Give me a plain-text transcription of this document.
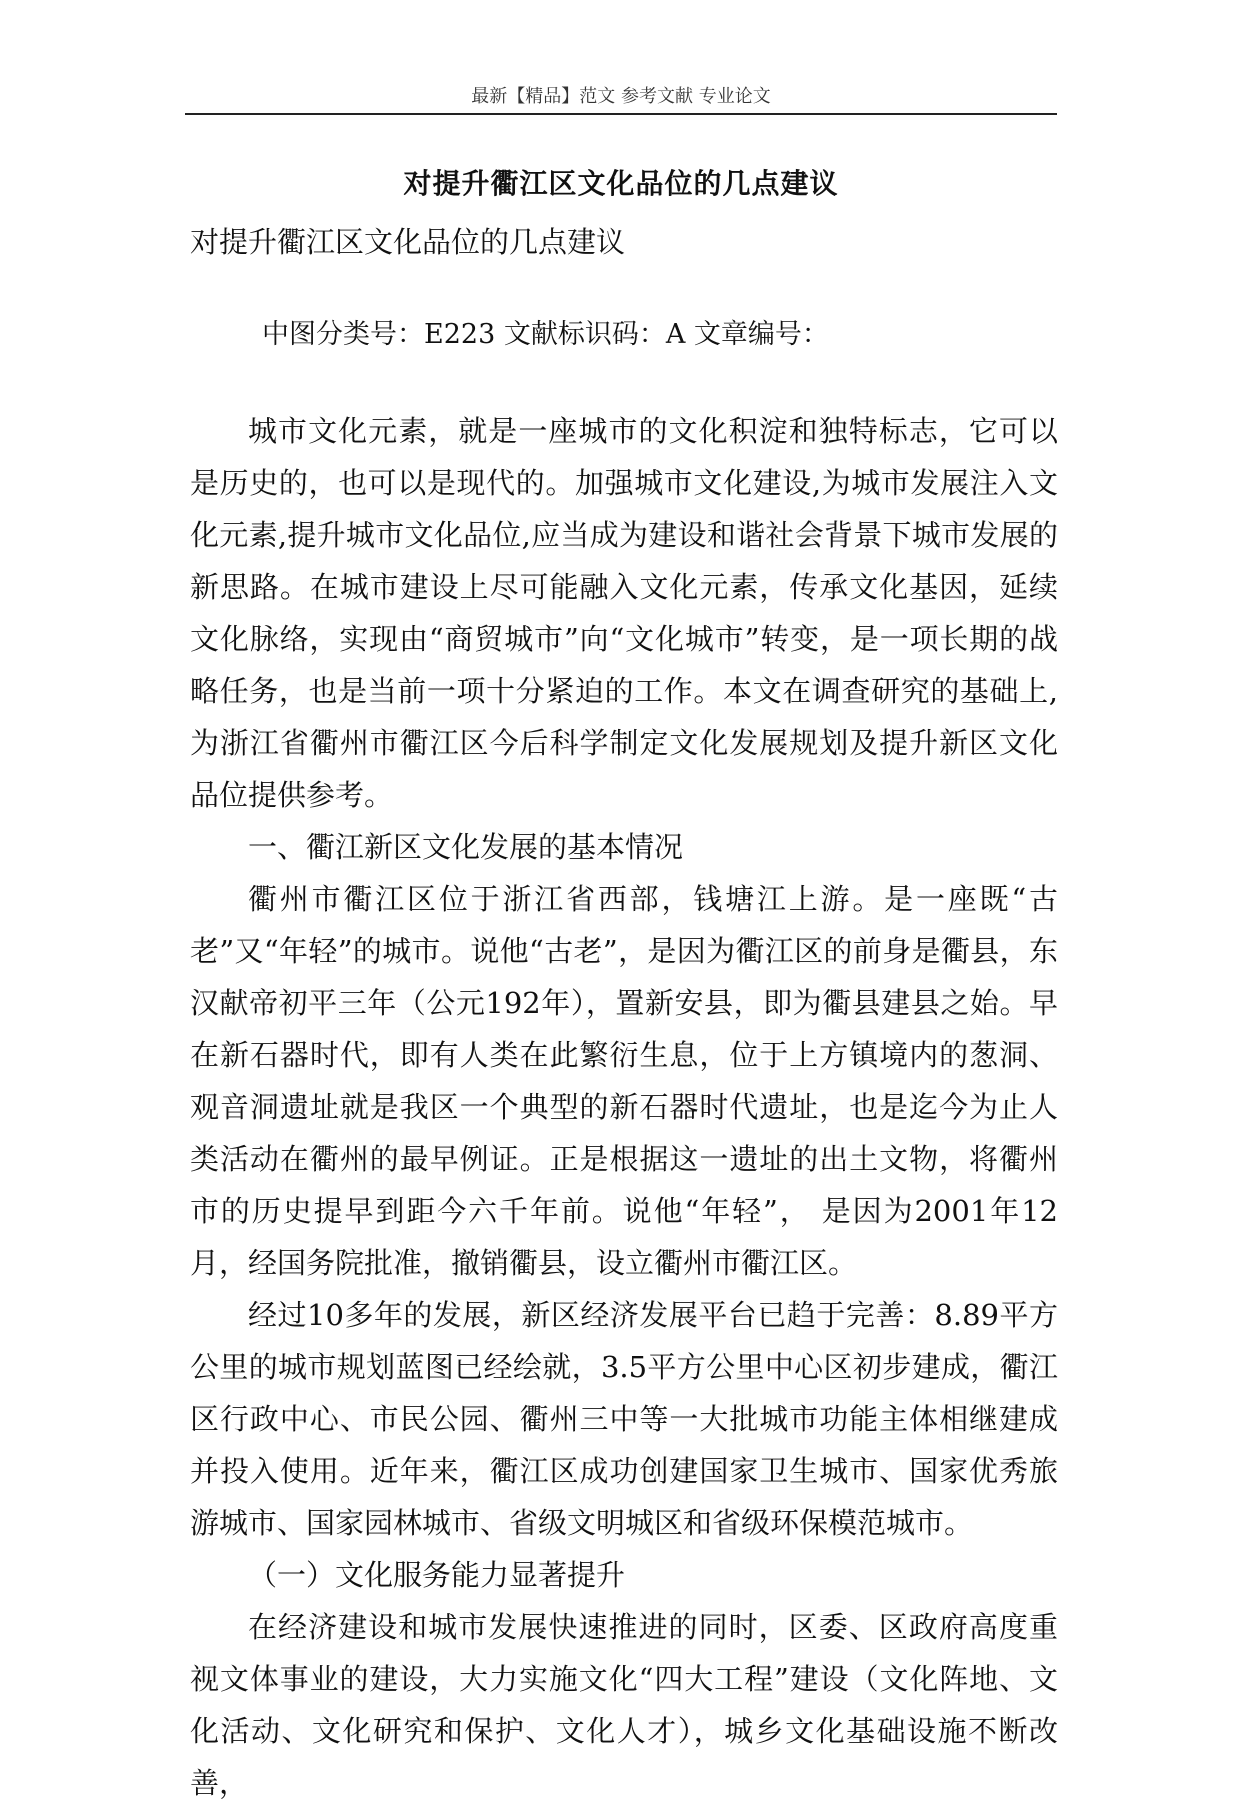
最新【精品】范文 参考文献 专业论文
对提升衢江区文化品位的几点建议
对提升衢江区文化品位的几点建议
中图分类号：E223 文献标识码：A 文章编号：

城市文化元素，就是一座城市的文化积淀和独特标志，它可以是历史的，也可以是现代的。加强城市文化建设,为城市发展注入文化元素,提升城市文化品位,应当成为建设和谐社会背景下城市发展的新思路。在城市建设上尽可能融入文化元素，传承文化基因，延续文化脉络，实现由“商贸城市”向“文化城市”转变，是一项长期的战略任务，也是当前一项十分紧迫的工作。本文在调查研究的基础上,为浙江省衢州市衢江区今后科学制定文化发展规划及提升新区文化品位提供参考。

一、衢江新区文化发展的基本情况

衢州市衢江区位于浙江省西部，钱塘江上游。是一座既“古老”又“年轻”的城市。说他“古老”，是因为衢江区的前身是衢县，东汉献帝初平三年（公元192年），置新安县，即为衢县建县之始。早在新石器时代，即有人类在此繁衍生息，位于上方镇境内的葱洞、观音洞遗址就是我区一个典型的新石器时代遗址，也是迄今为止人类活动在衢州的最早例证。正是根据这一遗址的出土文物，将衢州市的历史提早到距今六千年前。说他“年轻”， 是因为2001年12月，经国务院批准，撤销衢县，设立衢州市衢江区。

经过10多年的发展，新区经济发展平台已趋于完善：8.89平方公里的城市规划蓝图已经绘就，3.5平方公里中心区初步建成，衢江区行政中心、市民公园、衢州三中等一大批城市功能主体相继建成并投入使用。近年来，衢江区成功创建国家卫生城市、国家优秀旅游城市、国家园林城市、省级文明城区和省级环保模范城市。

（一）文化服务能力显著提升

在经济建设和城市发展快速推进的同时，区委、区政府高度重视文体事业的建设，大力实施文化“四大工程”建设（文化阵地、文化活动、文化研究和保护、文化人才），城乡文化基础设施不断改善，
